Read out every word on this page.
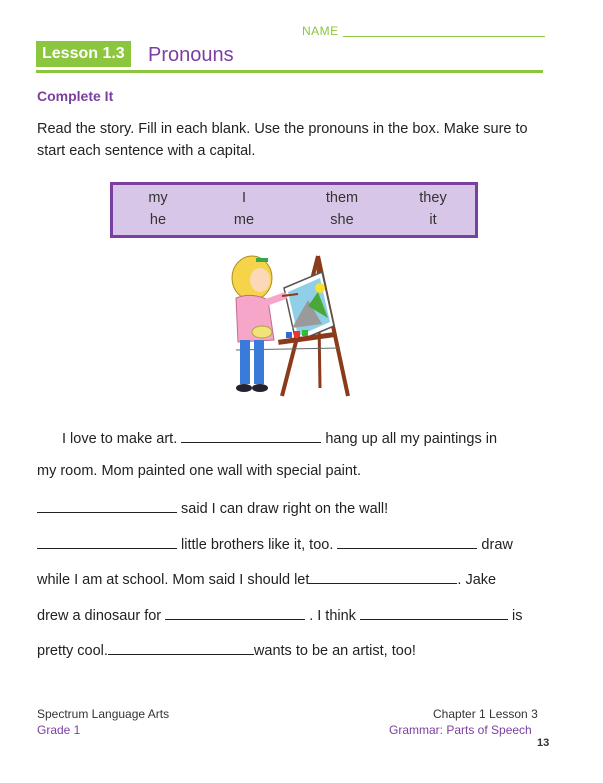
NAME
Lesson 1.3	Pronouns
Complete It
Read the story. Fill in each blank. Use the pronouns in the box. Make sure to start each sentence with a capital.
my	I	them	they
he	me	she	it
I love to make art.	hang up all my paintings in
my room. Mom painted one wall with special paint.
said I can draw right on the wall!
little brothers like it, too.	draw
while I am at school. Mom said I should let	. Jake
drew a dinosaur for	. I think	is
pretty cool.	wants to be an artist, too!
Spectrum Language Arts
Grade 1
Chapter 1 Lesson 3
Grammar: Parts of Speech
13
